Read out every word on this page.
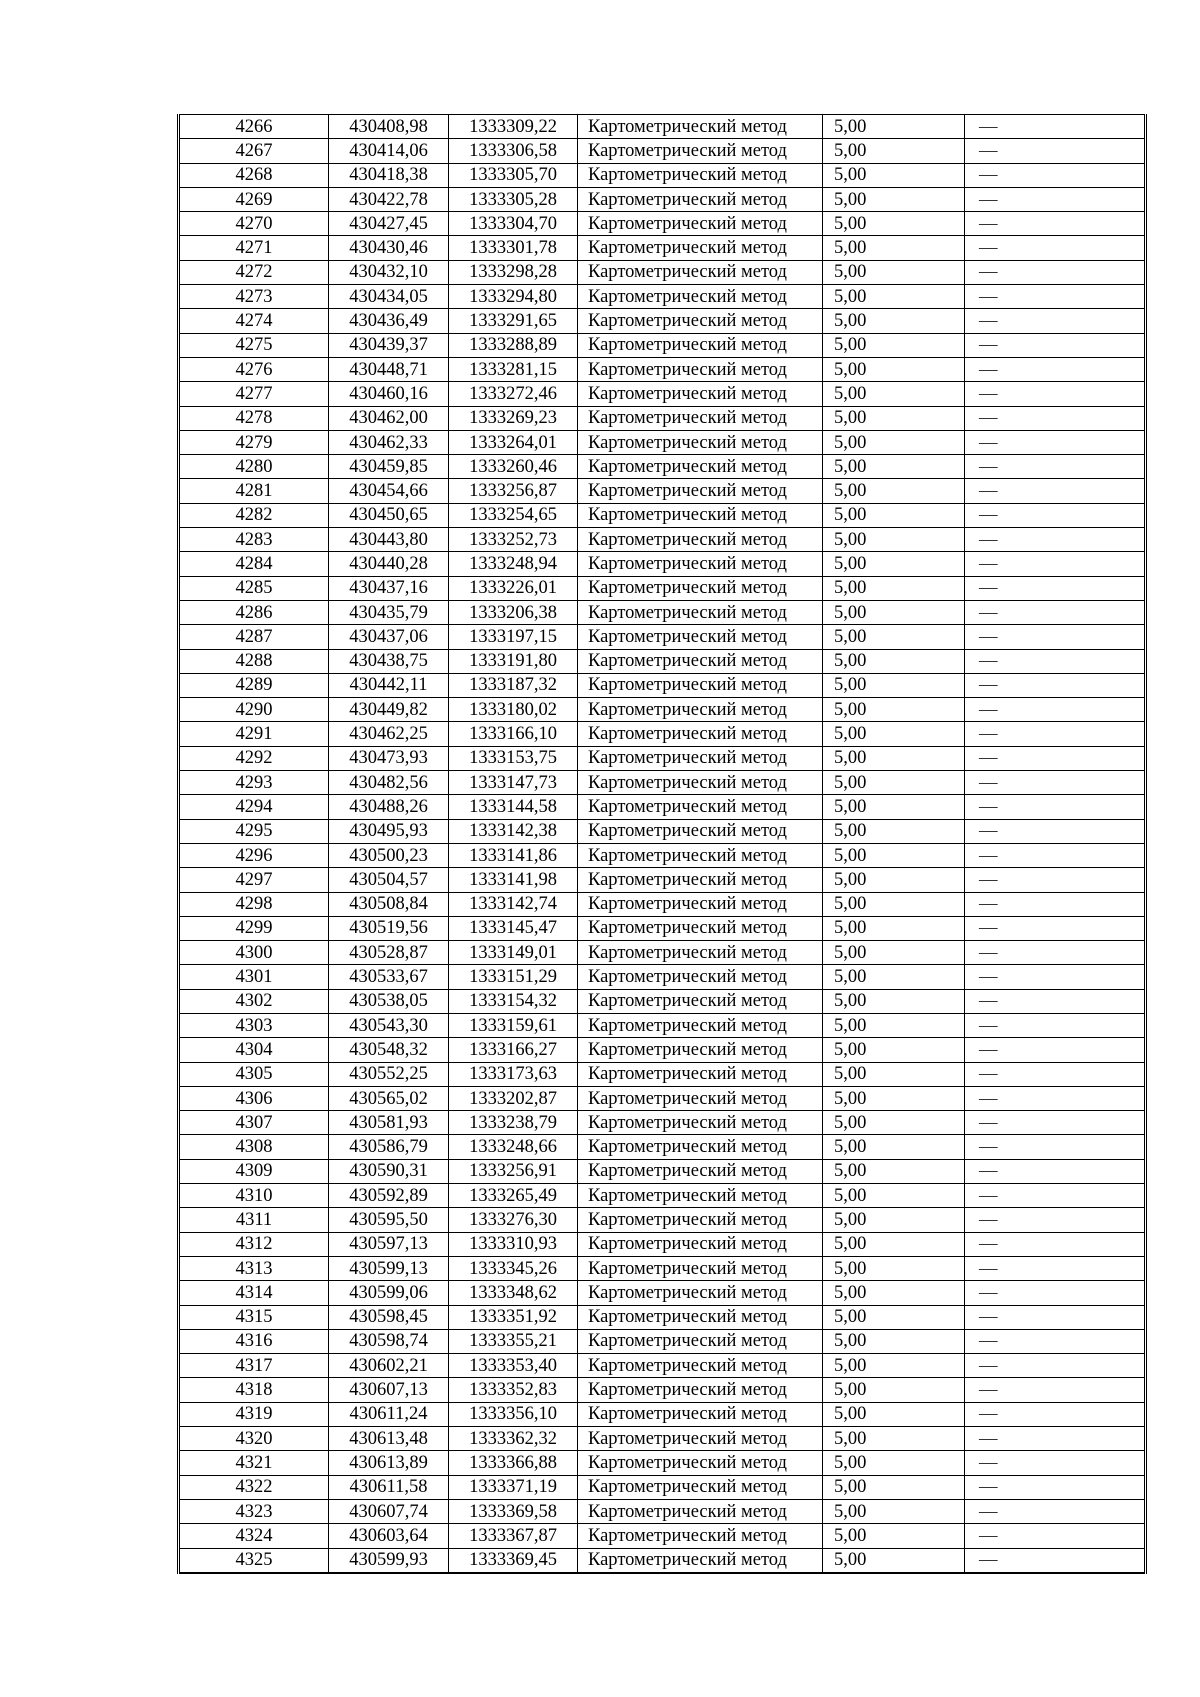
4266	430408,98	1333309,22	Картометрический метод	5,00	—
4267	430414,06	1333306,58	Картометрический метод	5,00	—
4268	430418,38	1333305,70	Картометрический метод	5,00	—
4269	430422,78	1333305,28	Картометрический метод	5,00	—
4270	430427,45	1333304,70	Картометрический метод	5,00	—
4271	430430,46	1333301,78	Картометрический метод	5,00	—
4272	430432,10	1333298,28	Картометрический метод	5,00	—
4273	430434,05	1333294,80	Картометрический метод	5,00	—
4274	430436,49	1333291,65	Картометрический метод	5,00	—
4275	430439,37	1333288,89	Картометрический метод	5,00	—
4276	430448,71	1333281,15	Картометрический метод	5,00	—
4277	430460,16	1333272,46	Картометрический метод	5,00	—
4278	430462,00	1333269,23	Картометрический метод	5,00	—
4279	430462,33	1333264,01	Картометрический метод	5,00	—
4280	430459,85	1333260,46	Картометрический метод	5,00	—
4281	430454,66	1333256,87	Картометрический метод	5,00	—
4282	430450,65	1333254,65	Картометрический метод	5,00	—
4283	430443,80	1333252,73	Картометрический метод	5,00	—
4284	430440,28	1333248,94	Картометрический метод	5,00	—
4285	430437,16	1333226,01	Картометрический метод	5,00	—
4286	430435,79	1333206,38	Картометрический метод	5,00	—
4287	430437,06	1333197,15	Картометрический метод	5,00	—
4288	430438,75	1333191,80	Картометрический метод	5,00	—
4289	430442,11	1333187,32	Картометрический метод	5,00	—
4290	430449,82	1333180,02	Картометрический метод	5,00	—
4291	430462,25	1333166,10	Картометрический метод	5,00	—
4292	430473,93	1333153,75	Картометрический метод	5,00	—
4293	430482,56	1333147,73	Картометрический метод	5,00	—
4294	430488,26	1333144,58	Картометрический метод	5,00	—
4295	430495,93	1333142,38	Картометрический метод	5,00	—
4296	430500,23	1333141,86	Картометрический метод	5,00	—
4297	430504,57	1333141,98	Картометрический метод	5,00	—
4298	430508,84	1333142,74	Картометрический метод	5,00	—
4299	430519,56	1333145,47	Картометрический метод	5,00	—
4300	430528,87	1333149,01	Картометрический метод	5,00	—
4301	430533,67	1333151,29	Картометрический метод	5,00	—
4302	430538,05	1333154,32	Картометрический метод	5,00	—
4303	430543,30	1333159,61	Картометрический метод	5,00	—
4304	430548,32	1333166,27	Картометрический метод	5,00	—
4305	430552,25	1333173,63	Картометрический метод	5,00	—
4306	430565,02	1333202,87	Картометрический метод	5,00	—
4307	430581,93	1333238,79	Картометрический метод	5,00	—
4308	430586,79	1333248,66	Картометрический метод	5,00	—
4309	430590,31	1333256,91	Картометрический метод	5,00	—
4310	430592,89	1333265,49	Картометрический метод	5,00	—
4311	430595,50	1333276,30	Картометрический метод	5,00	—
4312	430597,13	1333310,93	Картометрический метод	5,00	—
4313	430599,13	1333345,26	Картометрический метод	5,00	—
4314	430599,06	1333348,62	Картометрический метод	5,00	—
4315	430598,45	1333351,92	Картометрический метод	5,00	—
4316	430598,74	1333355,21	Картометрический метод	5,00	—
4317	430602,21	1333353,40	Картометрический метод	5,00	—
4318	430607,13	1333352,83	Картометрический метод	5,00	—
4319	430611,24	1333356,10	Картометрический метод	5,00	—
4320	430613,48	1333362,32	Картометрический метод	5,00	—
4321	430613,89	1333366,88	Картометрический метод	5,00	—
4322	430611,58	1333371,19	Картометрический метод	5,00	—
4323	430607,74	1333369,58	Картометрический метод	5,00	—
4324	430603,64	1333367,87	Картометрический метод	5,00	—
4325	430599,93	1333369,45	Картометрический метод	5,00	—
